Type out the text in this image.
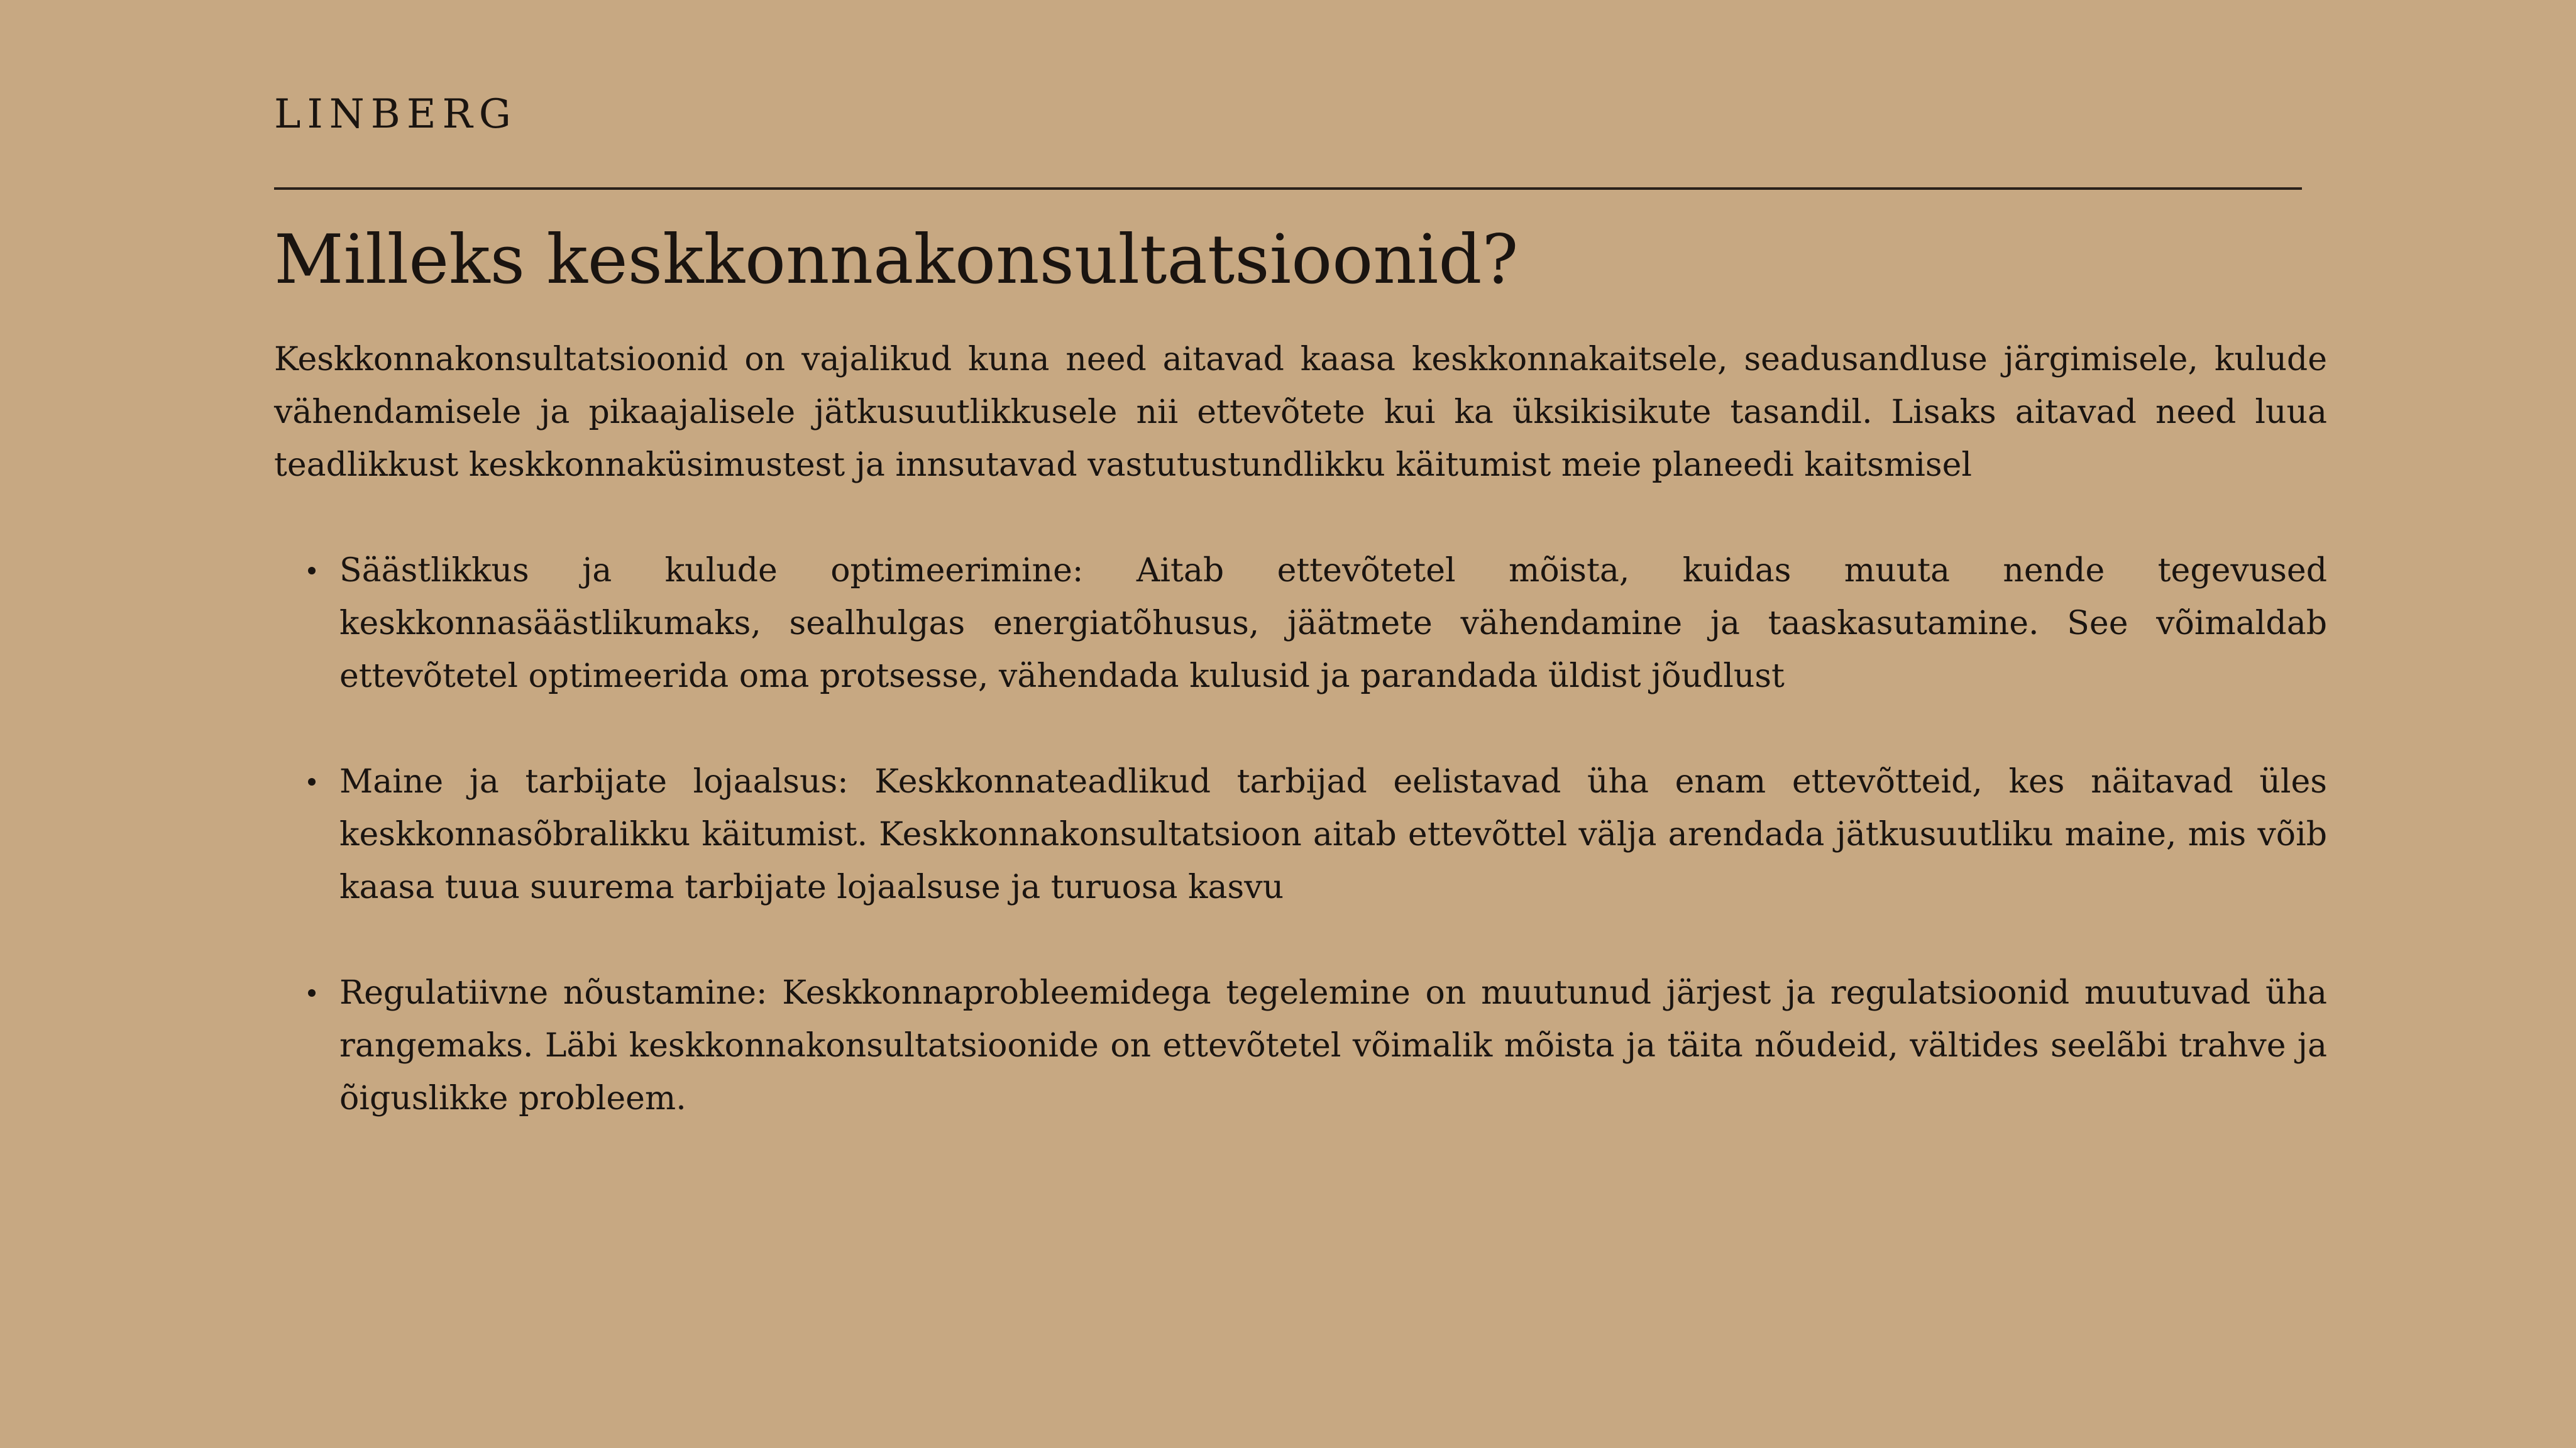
LINBERG
Milleks keskkonnakonsultatsioonid?

Keskkonnakonsultatsioonid on vajalikud kuna need aitavad kaasa keskkonnakaitsele, seadusandluse järgimisele, kulude vähendamisele ja pikaajalisele jätkusuutlikkusele nii ettevõtete kui ka üksikisikute tasandil. Lisaks aitavad need luua teadlikkust keskkonnaküsimustest ja innsutavad vastutustundlikku käitumist meie planeedi kaitsmisel

Säästlikkus ja kulude optimeerimine: Aitab ettevõtetel mõista, kuidas muuta nende tegevused keskkonnasäästlikumaks, sealhulgas energiatõhusus, jäätmete vähendamine ja taaskasutamine. See võimaldab ettevõtetel optimeerida oma protsesse, vähendada kulusid ja parandada üldist jõudlust
Maine ja tarbijate lojaalsus: Keskkonnateadlikud tarbijad eelistavad üha enam ettevõtteid, kes näitavad üles keskkonnasõbralikku käitumist. Keskkonnakonsultatsioon aitab ettevõttel välja arendada jätkusuutliku maine, mis võib kaasa tuua suurema tarbijate lojaalsuse ja turuosa kasvu
Regulatiivne nõustamine: Keskkonnaprobleemidega tegelemine on muutunud järjest ja regulatsioonid muutuvad üha rangemaks. Läbi keskkonnakonsultatsioonide on ettevõtetel võimalik mõista ja täita nõudeid, vältides seelãbi trahve ja õiguslikke probleem.
